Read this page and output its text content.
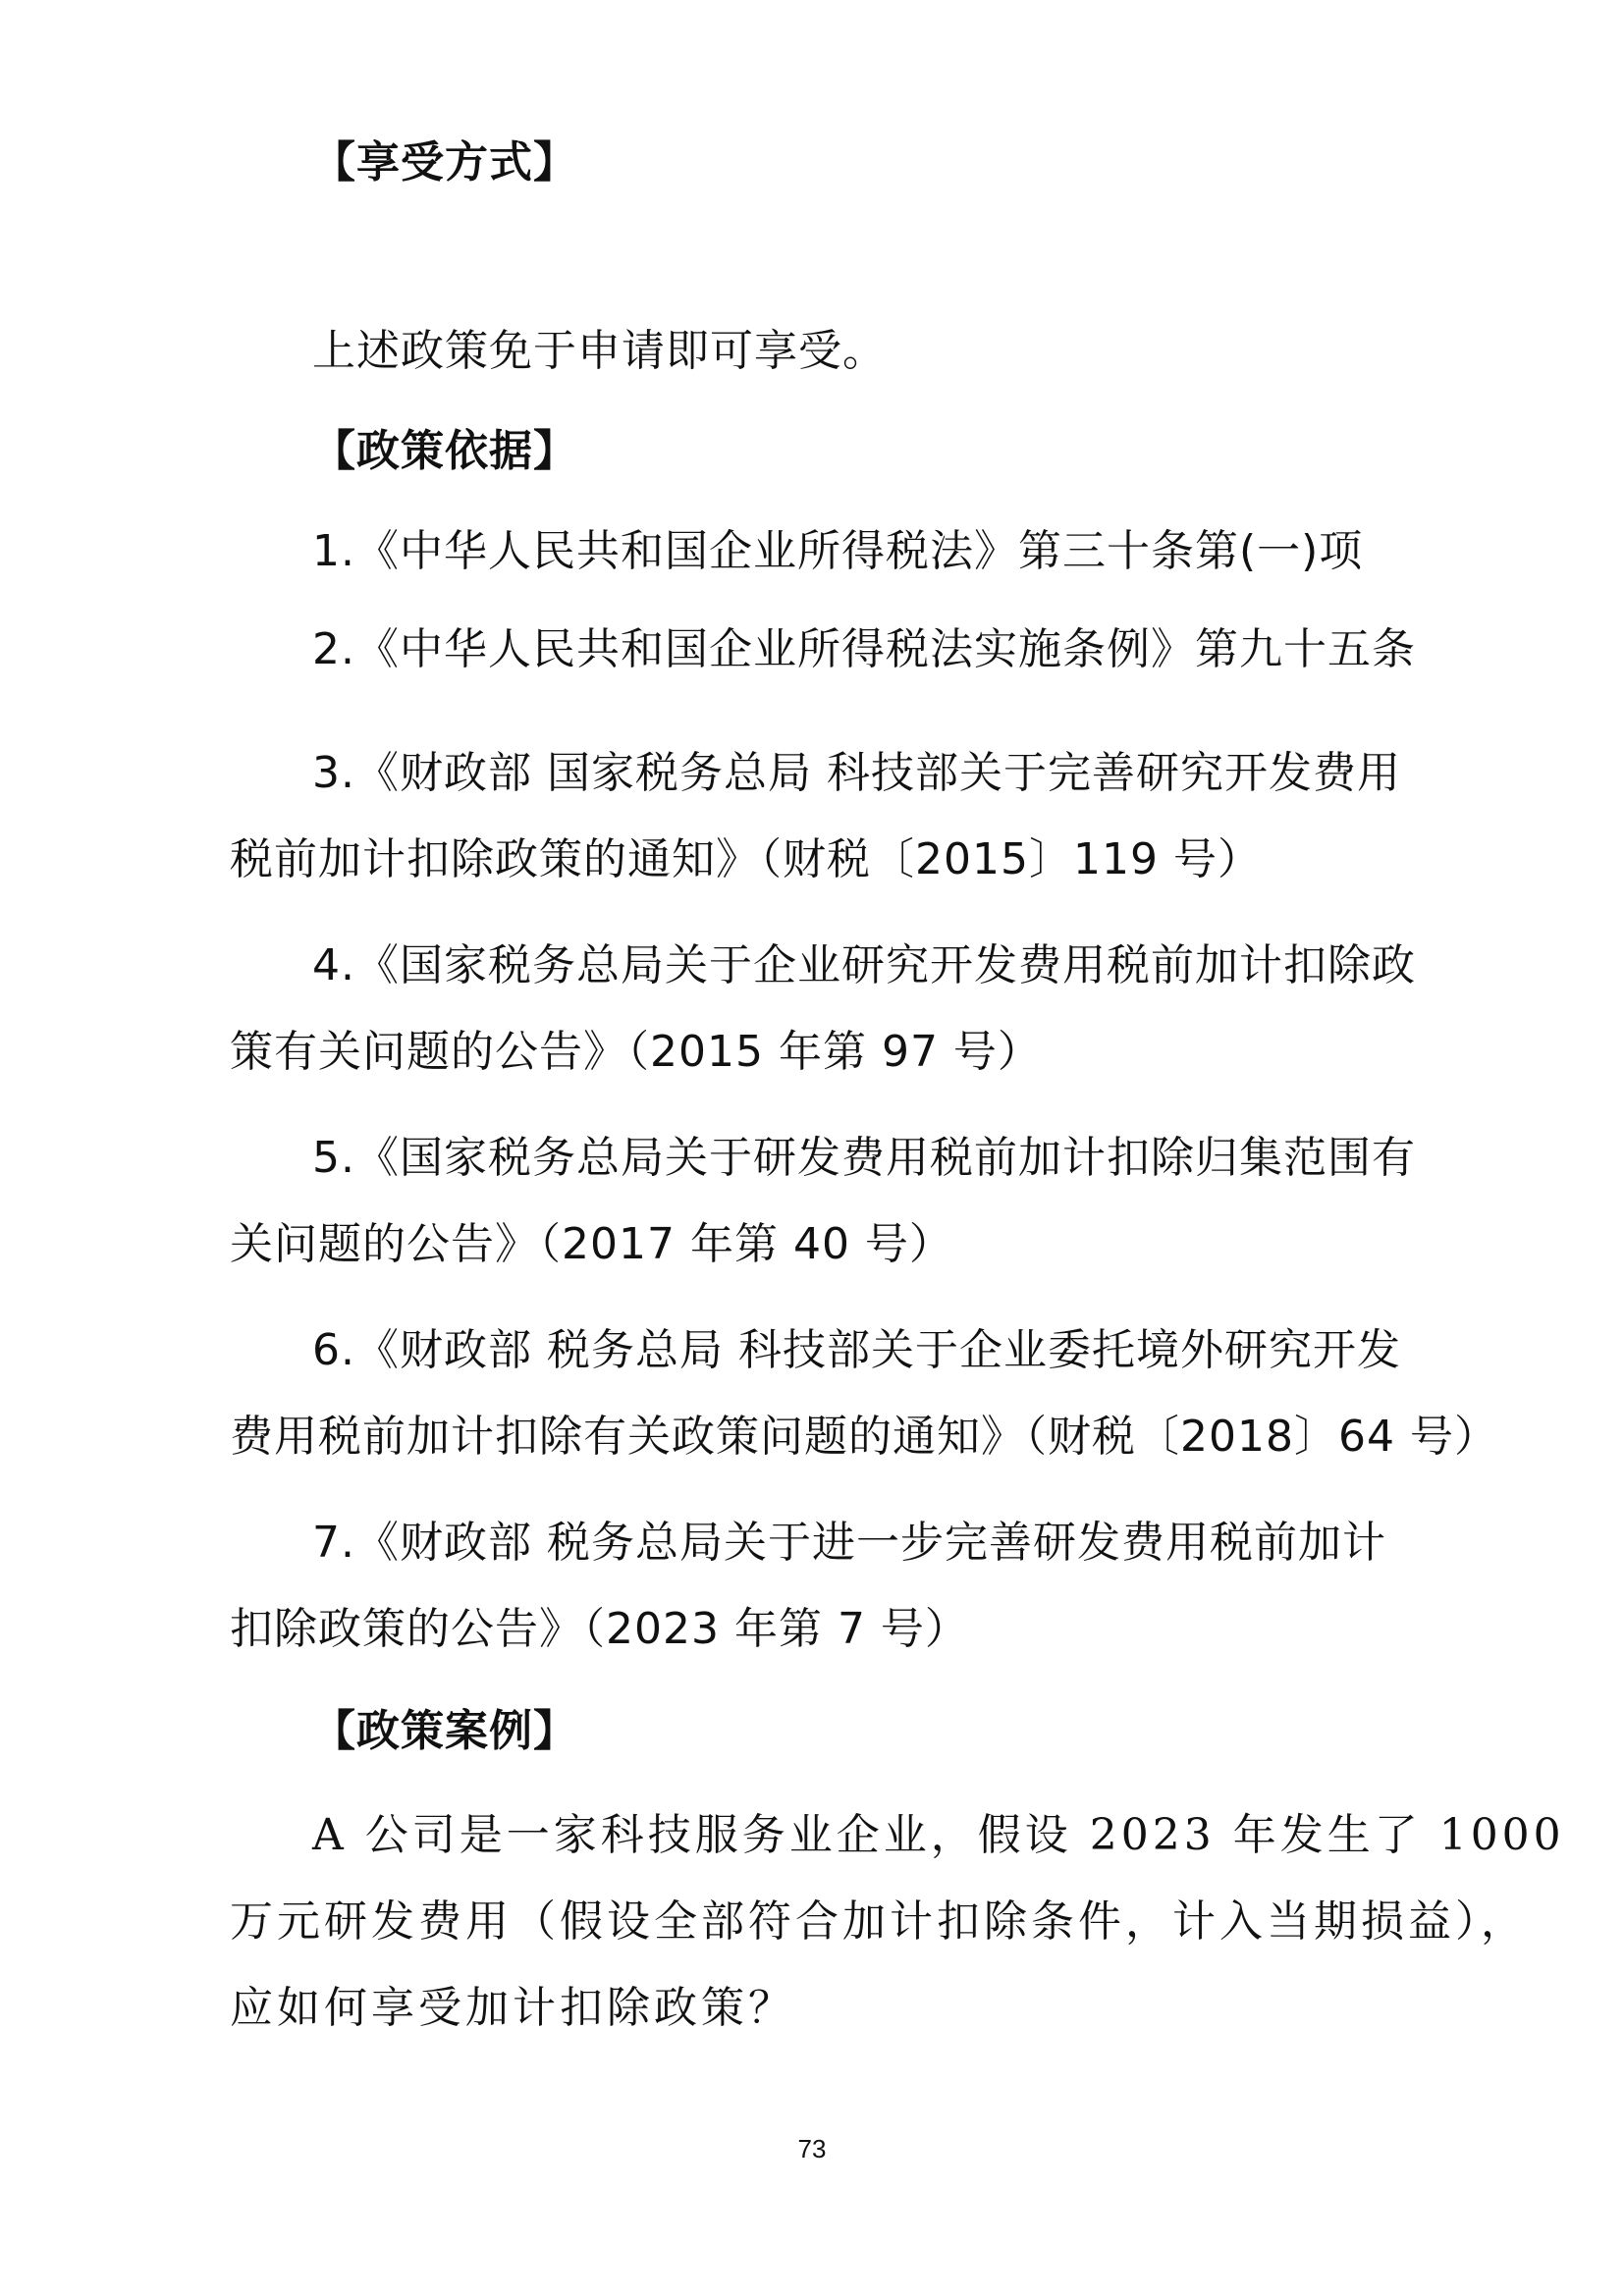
【享受方式】
上述政策免于申请即可享受。
【政策依据】
1.《中华人民共和国企业所得税法》第三十条第(一)项
2.《中华人民共和国企业所得税法实施条例》第九十五条
3.《财政部 国家税务总局 科技部关于完善研究开发费用
税前加计扣除政策的通知》（财税〔2015〕119 号）
4.《国家税务总局关于企业研究开发费用税前加计扣除政
策有关问题的公告》（2015 年第 97 号）
5.《国家税务总局关于研发费用税前加计扣除归集范围有
关问题的公告》（2017 年第 40 号）
6.《财政部 税务总局 科技部关于企业委托境外研究开发
费用税前加计扣除有关政策问题的通知》（财税〔2018〕64 号）
7.《财政部 税务总局关于进一步完善研发费用税前加计
扣除政策的公告》（2023 年第 7 号）
【政策案例】
A 公司是一家科技服务业企业，假设 2023 年发生了 1000
万元研发费用（假设全部符合加计扣除条件，计入当期损益），
应如何享受加计扣除政策？
73
